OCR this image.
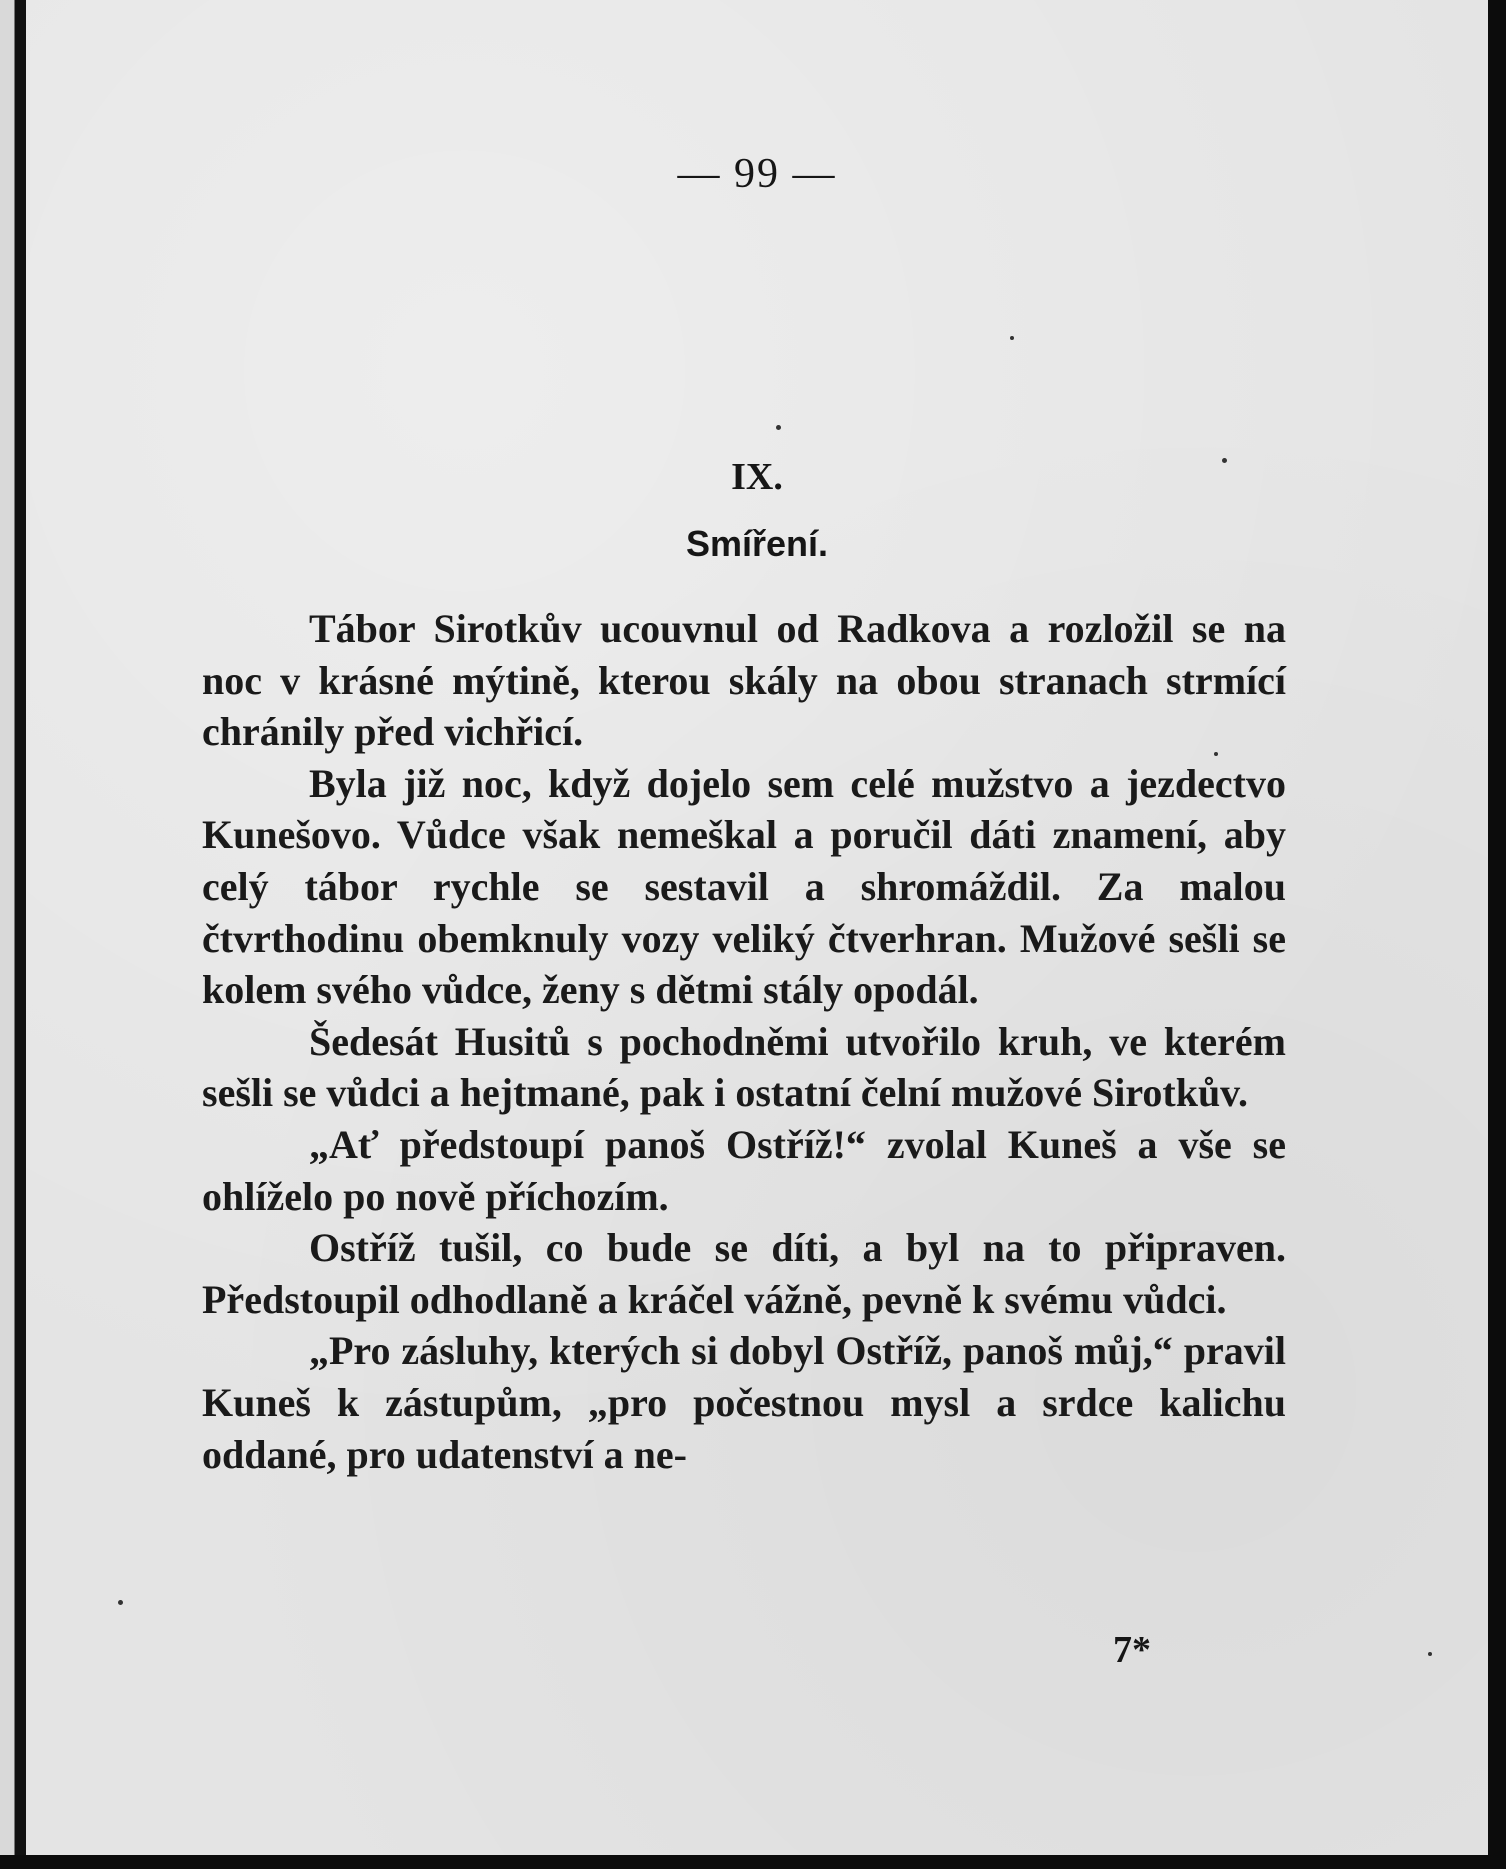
— 99 —
IX.
Smíření.

Tábor Sirotkův ucouvnul od Radkova a rozložil se na noc v krásné mýtině, kterou skály na obou stranach strmící chránily před vichřicí.

Byla již noc, když dojelo sem celé mužstvo a jezdectvo Kunešovo. Vůdce však nemeškal a poručil dáti znamení, aby celý tábor rychle se sestavil a shromáždil. Za malou čtvrthodinu obemknuly vozy veliký čtverhran. Mužové sešli se kolem svého vůdce, ženy s dětmi stály opodál.

Šedesát Husitů s pochodněmi utvořilo kruh, ve kterém sešli se vůdci a hejtmané, pak i ostatní čelní mužové Sirotkův.

„Ať předstoupí panoš Ostříž!“ zvolal Kuneš a vše se ohlíželo po nově příchozím.

Ostříž tušil, co bude se díti, a byl na to připraven. Předstoupil odhodlaně a kráčel vážně, pevně k svému vůdci.

„Pro zásluhy, kterých si dobyl Ostříž, panoš můj,“ pravil Kuneš k zástupům, „pro počestnou mysl a srdce kalichu oddané, pro udatenství a ne-

7*
